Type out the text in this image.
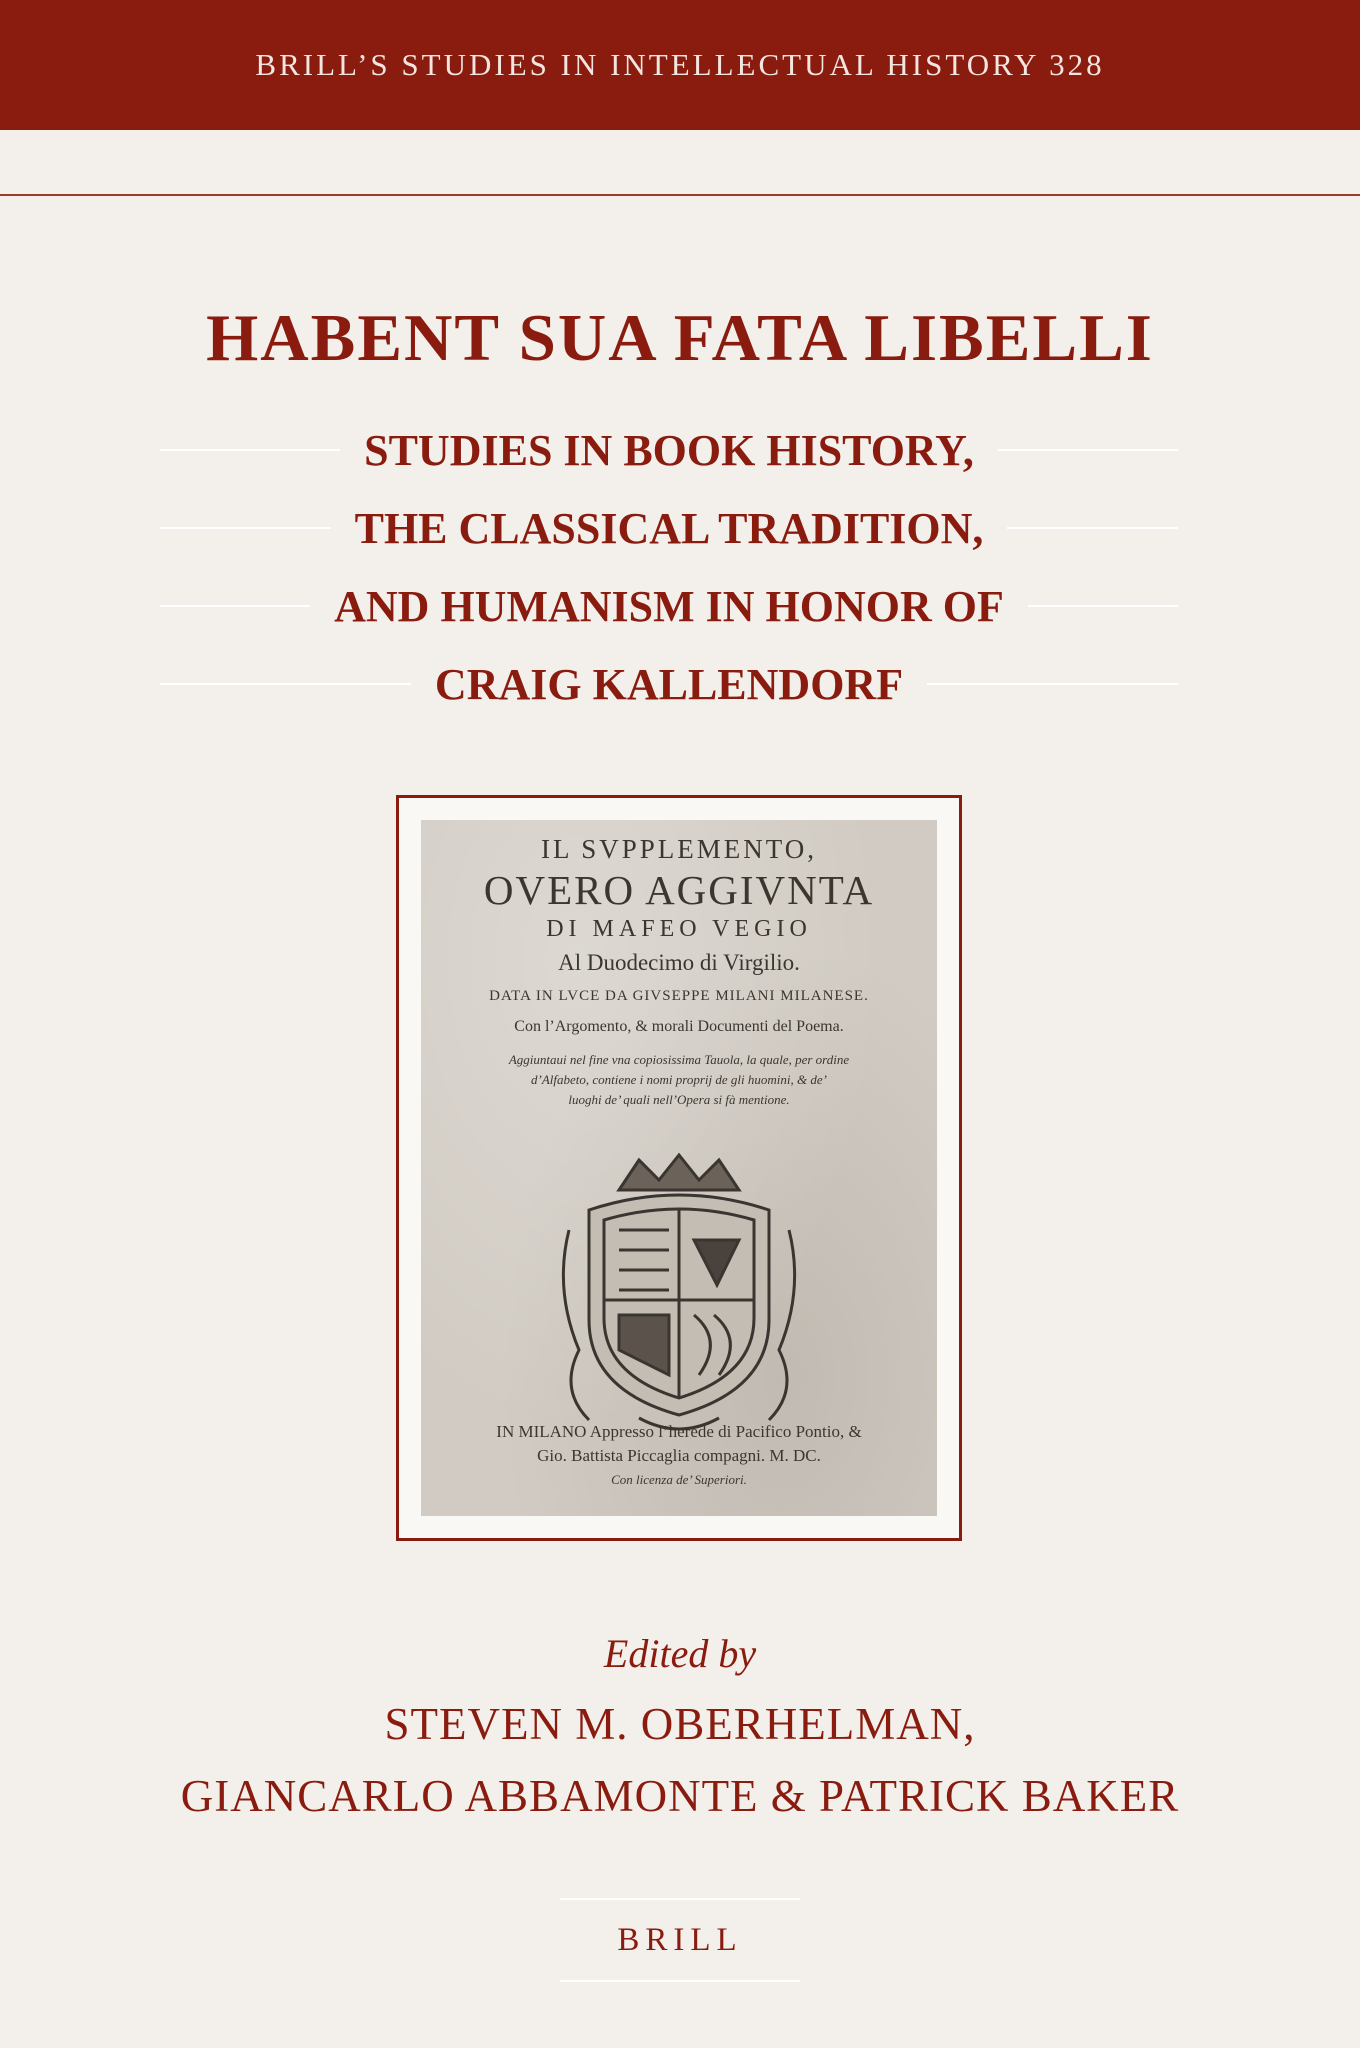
BRILL’S STUDIES IN INTELLECTUAL HISTORY 328
HABENT SUA FATA LIBELLI
STUDIES IN BOOK HISTORY,
THE CLASSICAL TRADITION,
AND HUMANISM IN HONOR OF
CRAIG KALLENDORF
IL SVPPLEMENTO,
OVERO AGGIVNTA
DI MAFEO VEGIO
Al Duodecimo di Virgilio.
DATA IN LVCE DA GIVSEPPE MILANI MILANESE.
Con l’Argomento, & morali Documenti del Poema.
Aggiuntaui nel fine vna copiosissima Tauola, la quale, per ordine
d’Alfabeto, contiene i nomi proprij de gli huomini, & de’
luoghi de’ quali nell’Opera si fà mentione.
IN MILANO Appresso l’herede di Pacifico Pontio, &
Gio. Battista Piccaglia compagni. M. DC.
Con licenza de’ Superiori.
Edited by
STEVEN M. OBERHELMAN,
GIANCARLO ABBAMONTE & PATRICK BAKER
BRILL
